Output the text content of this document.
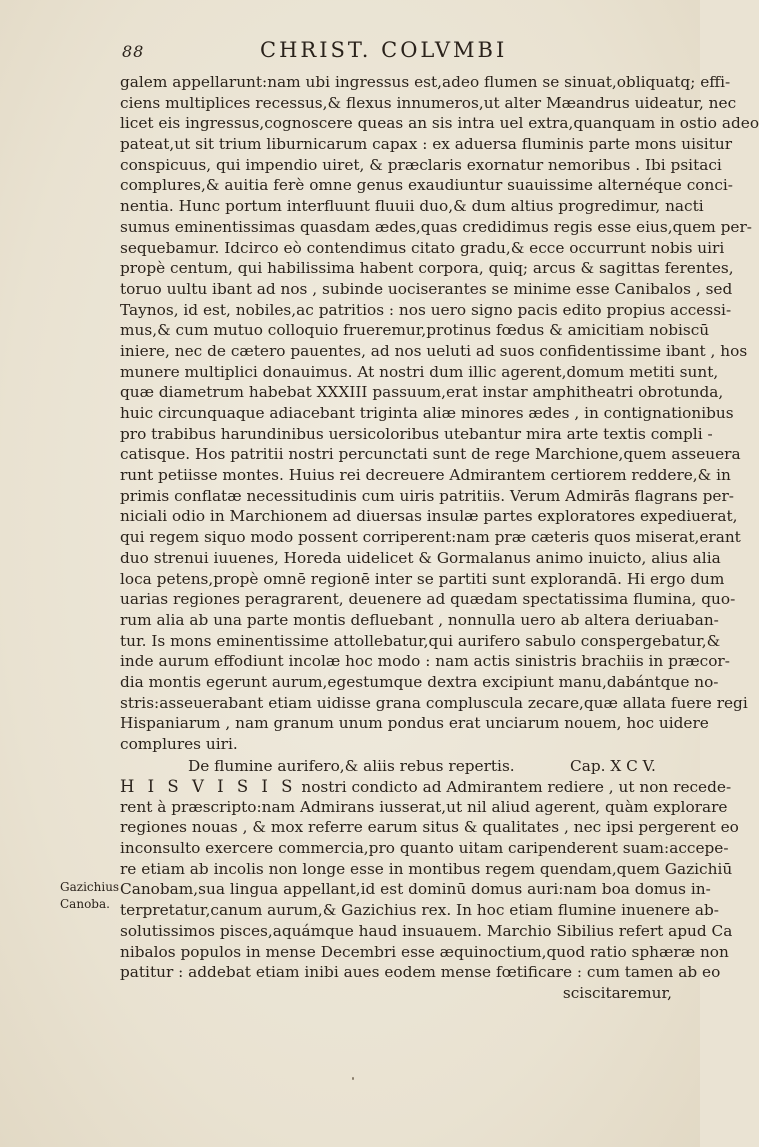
88	CHRIST. COLVMBI
galem appellarunt:nam ubi ingressus est,adeo flumen se sinuat,obliquatq; effi-
ciens multiplices recessus,& flexus innumeros,ut alter Mæandrus uideatur, nec
licet eis ingressus,cognoscere queas an sis intra uel extra,quanquam in ostio adeo
pateat,ut sit trium liburnicarum capax : ex aduersa fluminis parte mons uisitur
conspicuus, qui impendio uiret, & præclaris exornatur nemoribus . Ibi psitaci
complures,& auitia ferè omne genus exaudiuntur suauissime alternéque conci-
nentia. Hunc portum interfluunt fluuii duo,& dum altius progredimur, nacti
sumus eminentissimas quasdam ædes,quas credidimus regis esse eius,quem per-
sequebamur. Idcirco eò contendimus citato gradu,& ecce occurrunt nobis uiri
propè centum, qui habilissima habent corpora, quiq; arcus & sagittas ferentes,
toruo uultu ibant ad nos , subinde uociserantes se minime esse Canibalos , sed
Taynos, id est, nobiles,ac patritios : nos uero signo pacis edito propius accessi-
mus,& cum mutuo colloquio frueremur,protinus fœdus & amicitiam nobiscū
iniere, nec de cætero pauentes, ad nos ueluti ad suos confidentissime ibant , hos
munere multiplici donauimus. At nostri dum illic agerent,domum metiti sunt,
quæ diametrum habebat XXXIII passuum,erat instar amphitheatri obrotunda,
huic circunquaque adiacebant triginta aliæ minores ædes , in contignationibus
pro trabibus harundinibus uersicoloribus utebantur mira arte textis compli -
catisque. Hos patritii nostri percunctati sunt de rege Marchione,quem asseuera
runt petiisse montes. Huius rei decreuere Admirantem certiorem reddere,& in
primis conflatæ necessitudinis cum uiris patritiis. Verum Admirās flagrans per-
niciali odio in Marchionem ad diuersas insulæ partes exploratores expediuerat,
qui regem siquo modo possent corriperent:nam præ cæteris quos miserat,erant
duo strenui iuuenes, Horeda uidelicet & Gormalanus animo inuicto, alius alia
loca petens,propè omnē regionē inter se partiti sunt explorandā. Hi ergo dum
uarias regiones peragrarent, deuenere ad quædam spectatissima flumina, quo-
rum alia ab una parte montis defluebant , nonnulla uero ab altera deriuaban-
tur. Is mons eminentissime attollebatur,qui aurifero sabulo conspergebatur,&
inde aurum effodiunt incolæ hoc modo : nam actis sinistris brachiis in præcor-
dia montis egerunt aurum,egestumque dextra excipiunt manu,dabántque no-
stris:asseuerabant etiam uidisse grana complusculа zecare,quæ allata fuere regi
Hispaniarum , nam granum unum pondus erat unciarum nouem, hoc uidere
complures uiri.
De flumine aurifero,& aliis rebus repertis.	Cap. X C V.
H I S V I S I S nostri condicto ad Admirantem rediere , ut non recede-
rent à præscripto:nam Admirans iusserat,ut nil aliud agerent, quàm explorare
regiones nouas , & mox referre earum situs & qualitates , nec ipsi pergerent eo
inconsulto exercere commercia,pro quanto uitam caripenderent suam:accepe-
re etiam ab incolis non longe esse in montibus regem quendam,quem Gazichiū
Canobam,sua lingua appellant,id est dominū domus auri:nam boa domus in-
terpretatur,canum aurum,& Gazichius rex. In hoc etiam flumine inuenere ab-
solutissimos pisces,aquámque haud insuauem. Marchio Sibilius refert apud Ca
nibalos populos in mense Decembri esse æquinoctium,quod ratio sphæræ non
patitur : addebat etiam inibi aues eodem mense fœtificare : cum tamen ab eo
sciscitaremur,
Gazichius
Canoba.
